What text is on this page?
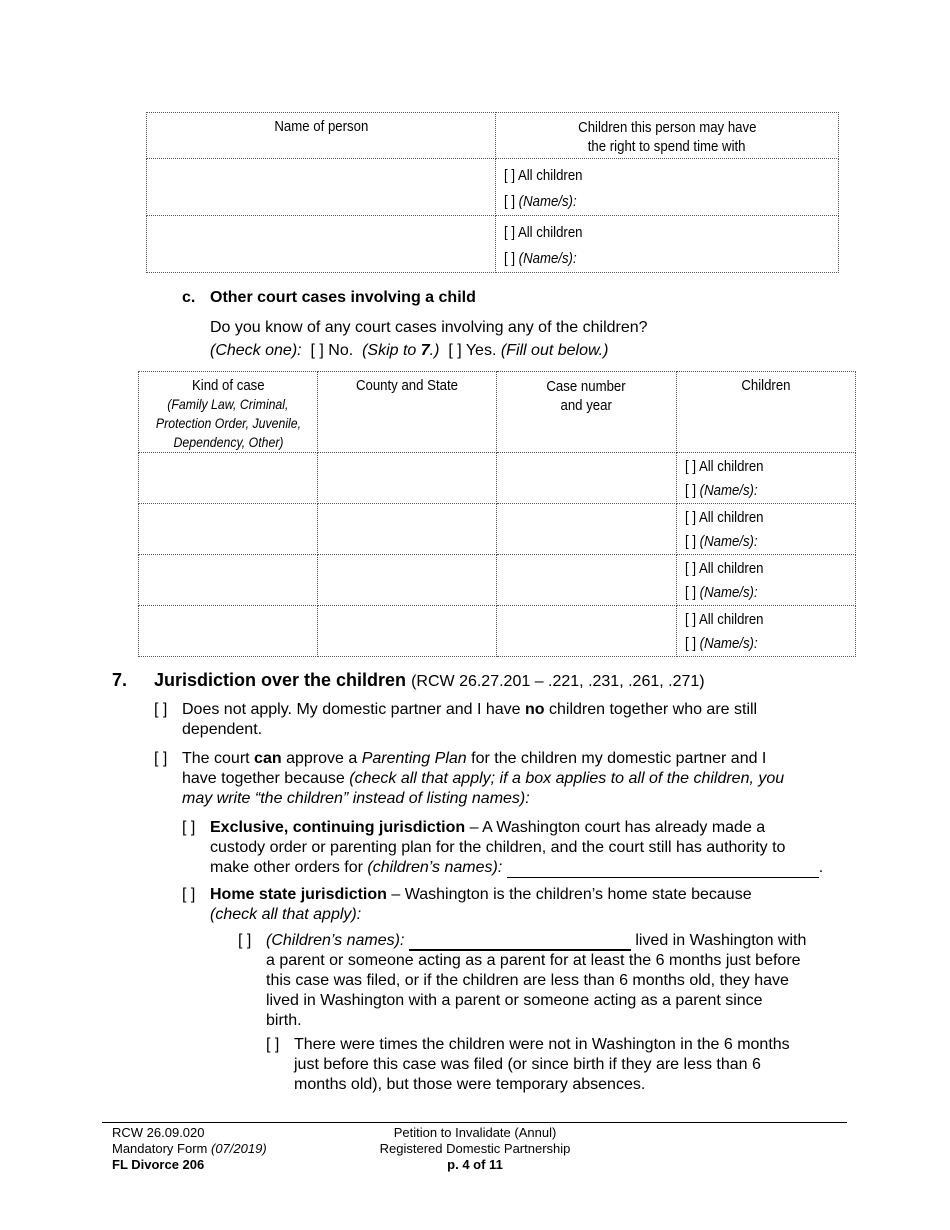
Name of person	Children this person may have
the right to spend time with

	[ ] All children
[ ] (Name/s):

	[ ] All children
[ ] (Name/s):
c. Other court cases involving a child
Do you know of any court cases involving any of the children?
(Check one): [ ] No. (Skip to 7.) [ ] Yes. (Fill out below.)
Kind of case
(Family Law, Criminal,
Protection Order, Juvenile,
Dependency, Other)	County and State	Case number
and year	Children

			[ ] All children
[ ] (Name/s):

			[ ] All children
[ ] (Name/s):

			[ ] All children
[ ] (Name/s):

			[ ] All children
[ ] (Name/s):
7. Jurisdiction over the children (RCW 26.27.201 – .221, .231, .261, .271)
[ ] Does not apply. My domestic partner and I have no children together who are still
dependent.
[ ] The court can approve a Parenting Plan for the children my domestic partner and I
have together because (check all that apply; if a box applies to all of the children, you
may write “the children” instead of listing names):
[ ] Exclusive, continuing jurisdiction – A Washington court has already made a
custody order or parenting plan for the children, and the court still has authority to
make other orders for (children’s names):	.
[ ] Home state jurisdiction – Washington is the children’s home state because
(check all that apply):
[ ] (Children’s names):	lived in Washington with
a parent or someone acting as a parent for at least the 6 months just before
this case was filed, or if the children are less than 6 months old, they have
lived in Washington with a parent or someone acting as a parent since
birth.
[ ] There were times the children were not in Washington in the 6 months
just before this case was filed (or since birth if they are less than 6
months old), but those were temporary absences.
RCW 26.09.020
Mandatory Form (07/2019)
FL Divorce 206
Petition to Invalidate (Annul)
Registered Domestic Partnership
p. 4 of 11
